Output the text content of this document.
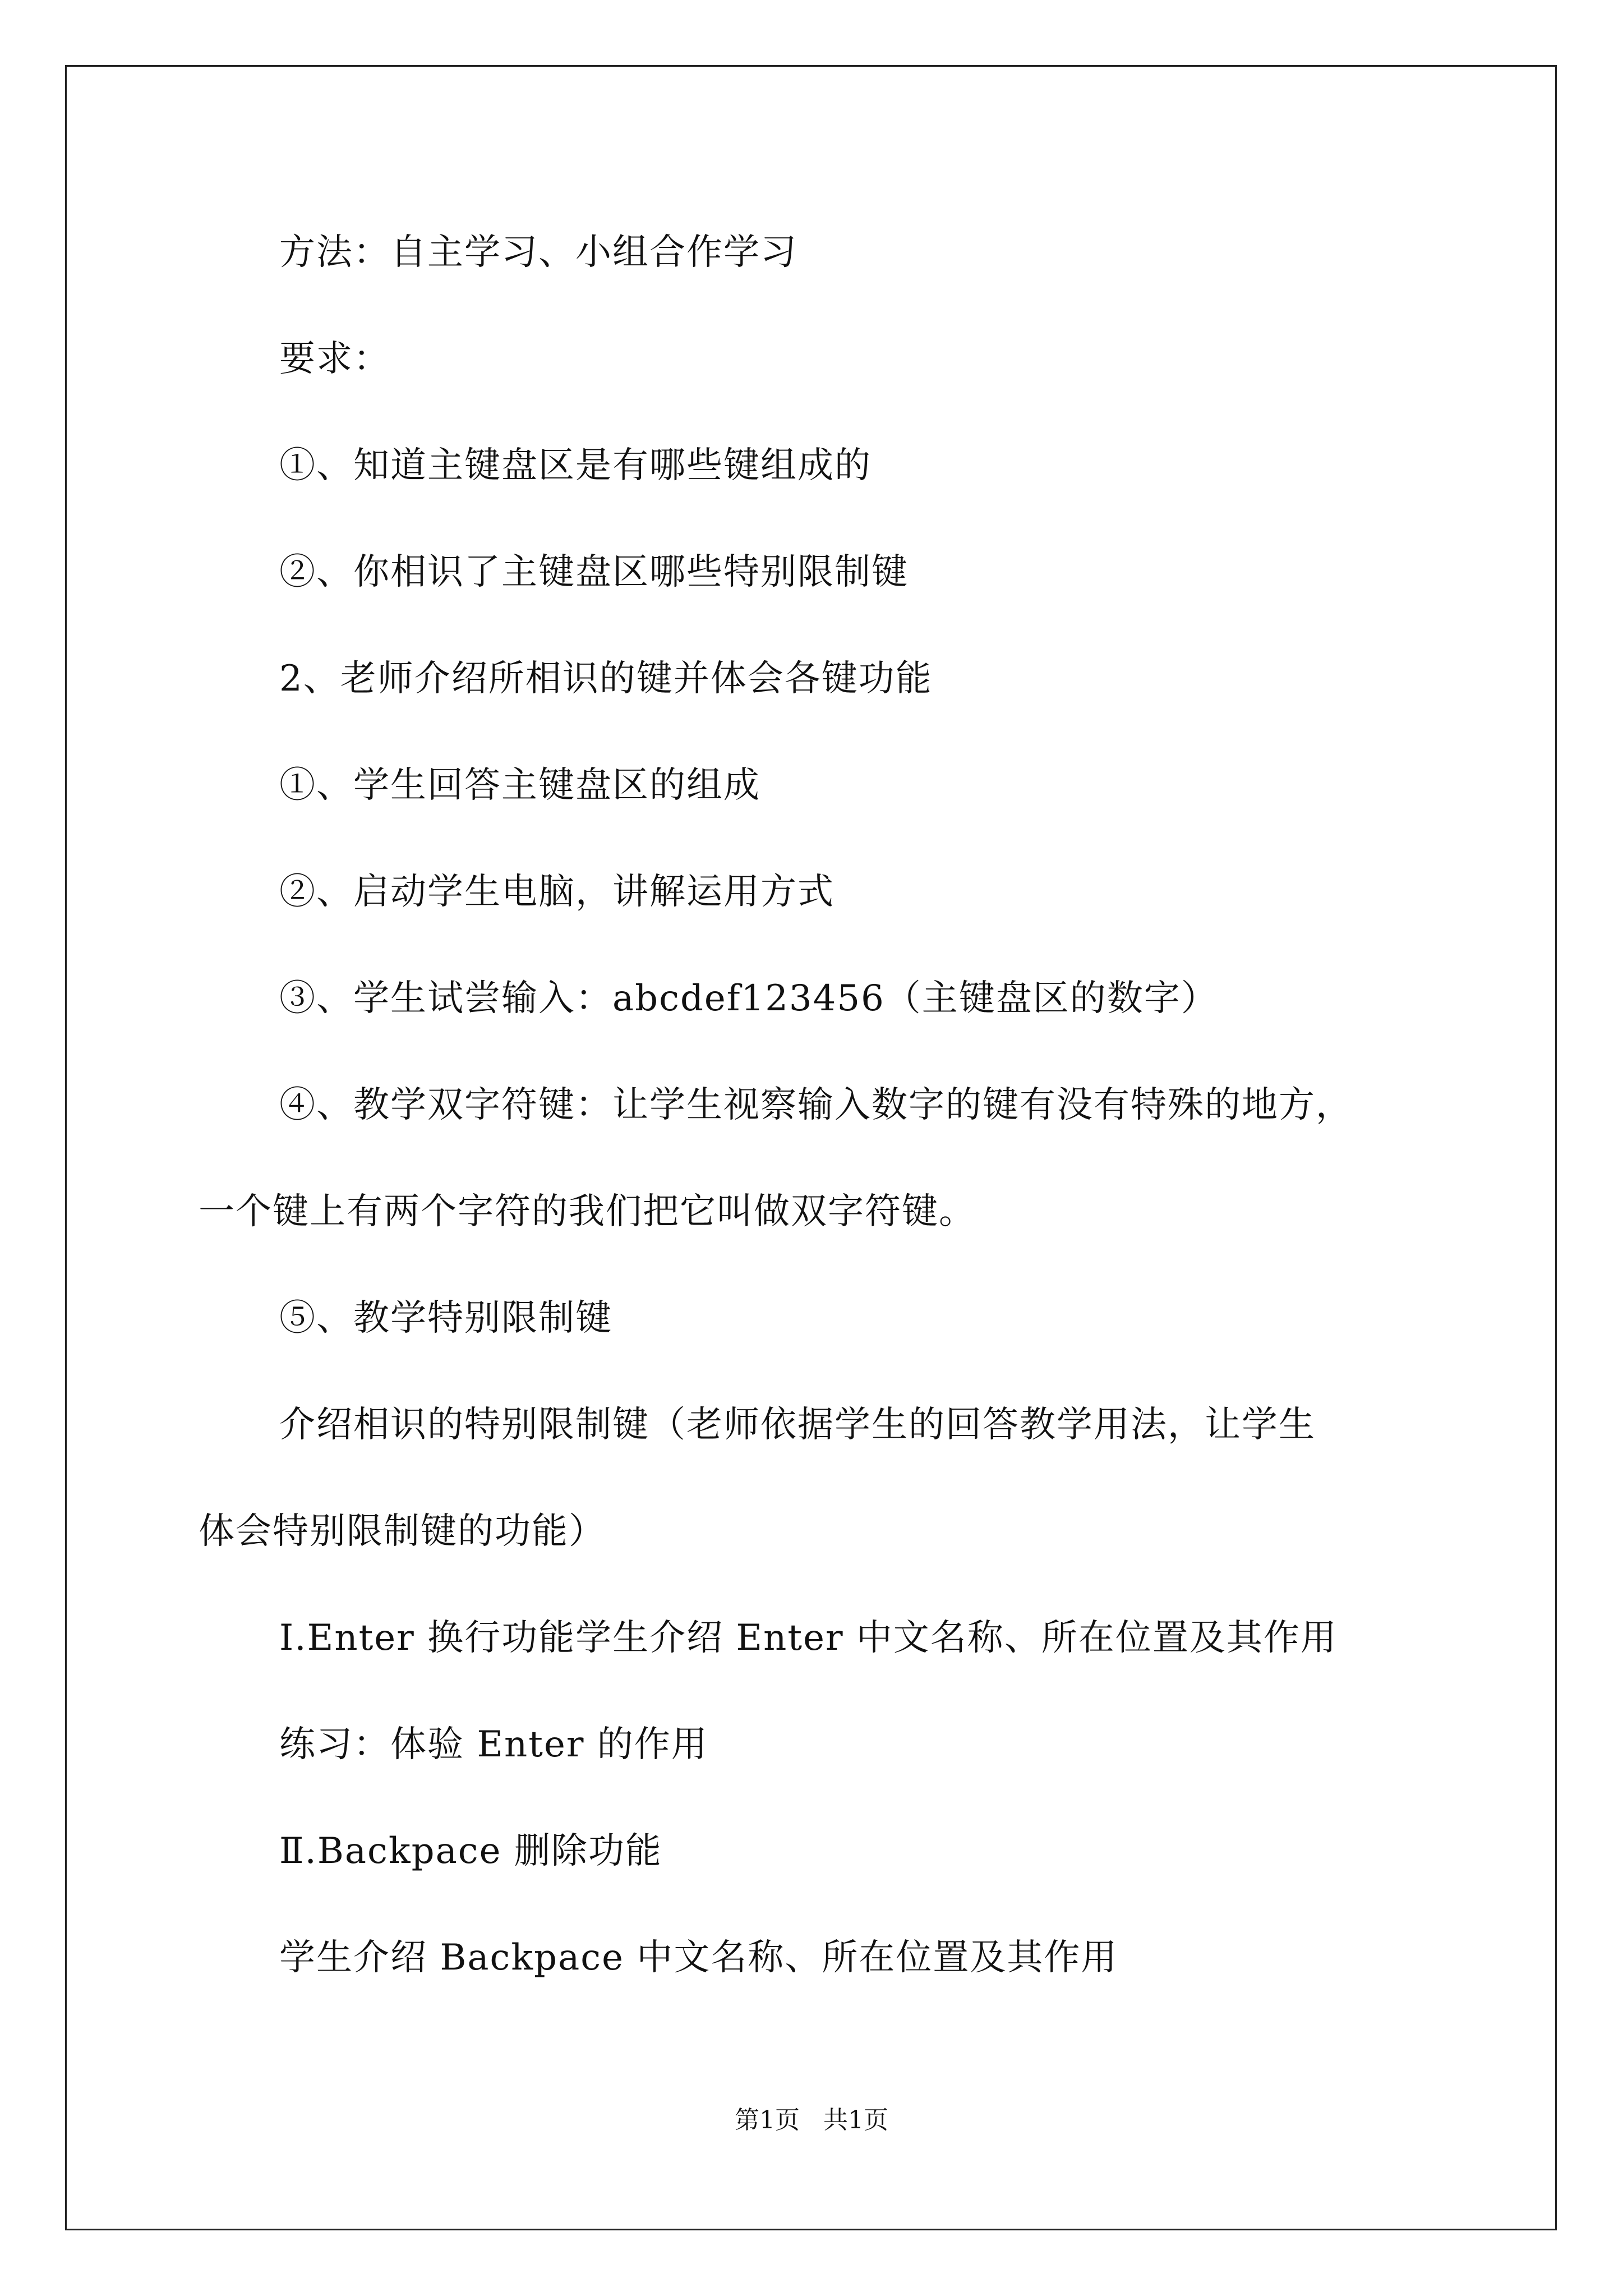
方法：自主学习、小组合作学习
要求：
①、知道主键盘区是有哪些键组成的
②、你相识了主键盘区哪些特别限制键
2、老师介绍所相识的键并体会各键功能
①、学生回答主键盘区的组成
②、启动学生电脑，讲解运用方式
③、学生试尝输入：abcdef123456（主键盘区的数字）
④、教学双字符键：让学生视察输入数字的键有没有特殊的地方，
一个键上有两个字符的我们把它叫做双字符键。
⑤、教学特别限制键
介绍相识的特别限制键（老师依据学生的回答教学用法，让学生
体会特别限制键的功能）
Ⅰ.Enter 换行功能学生介绍 Enter 中文名称、所在位置及其作用
练习：体验 Enter 的作用
Ⅱ.Backpace 删除功能
学生介绍 Backpace 中文名称、所在位置及其作用
第1页   共1页
